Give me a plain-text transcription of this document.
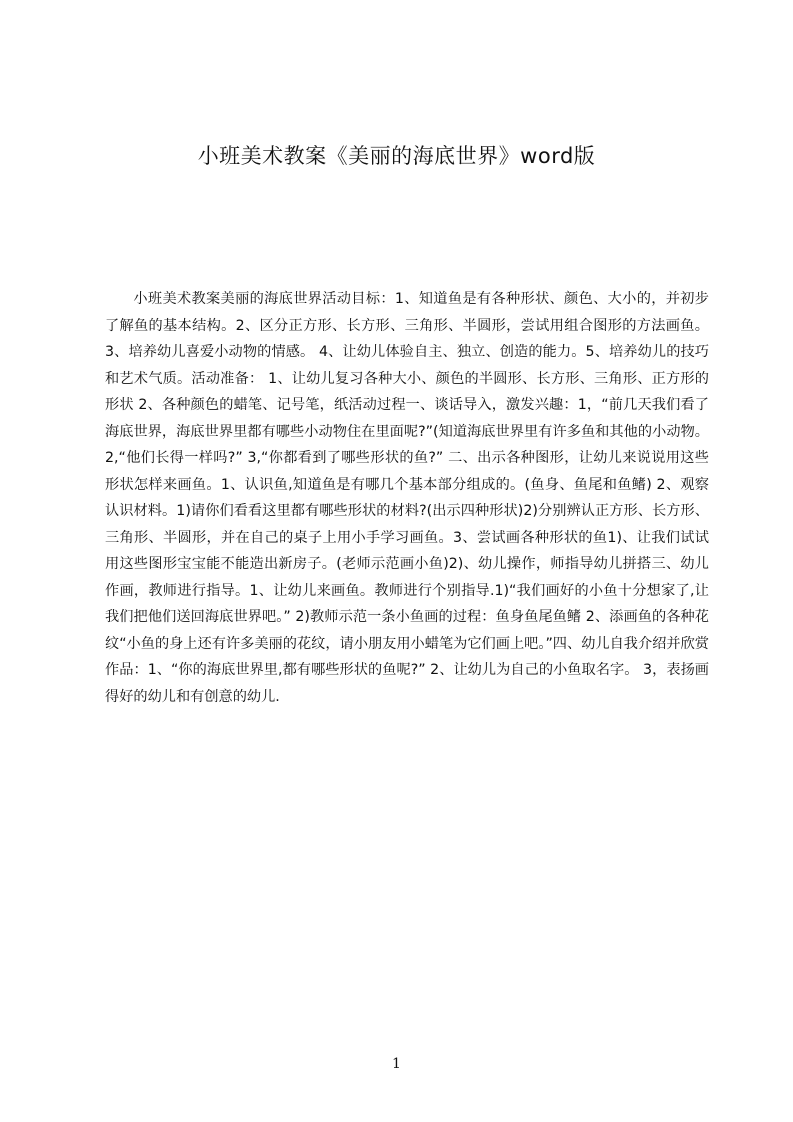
小班美术教案《美丽的海底世界》word版

小班美术教案美丽的海底世界活动目标：1、知道鱼是有各种形状、颜色、大小的，并初步了解鱼的基本结构。2、区分正方形、长方形、三角形、半圆形，尝试用组合图形的方法画鱼。3、培养幼儿喜爱小动物的情感。 4、让幼儿体验自主、独立、创造的能力。5、培养幼儿的技巧和艺术气质。活动准备： 1、让幼儿复习各种大小、颜色的半圆形、长方形、三角形、正方形的形状 2、各种颜色的蜡笔、记号笔，纸活动过程一、谈话导入，激发兴趣：1，“前几天我们看了海底世界，海底世界里都有哪些小动物住在里面呢?”(知道海底世界里有许多鱼和其他的小动物。2,“他们长得一样吗?” 3,“你都看到了哪些形状的鱼?” 二、出示各种图形，让幼儿来说说用这些形状怎样来画鱼。1、认识鱼,知道鱼是有哪几个基本部分组成的。(鱼身、鱼尾和鱼鳍) 2、观察认识材料。1)请你们看看这里都有哪些形状的材料?(出示四种形状)2)分别辨认正方形、长方形、三角形、半圆形，并在自己的桌子上用小手学习画鱼。3、尝试画各种形状的鱼1)、让我们试试用这些图形宝宝能不能造出新房子。(老师示范画小鱼)2)、幼儿操作，师指导幼儿拼搭三、幼儿作画，教师进行指导。1、让幼儿来画鱼。教师进行个别指导.1)“我们画好的小鱼十分想家了,让我们把他们送回海底世界吧。” 2)教师示范一条小鱼画的过程：鱼身鱼尾鱼鳍 2、添画鱼的各种花纹“小鱼的身上还有许多美丽的花纹，请小朋友用小蜡笔为它们画上吧。”四、幼儿自我介绍并欣赏作品：1、“你的海底世界里,都有哪些形状的鱼呢?” 2、让幼儿为自己的小鱼取名字。 3，表扬画得好的幼儿和有创意的幼儿.

1
